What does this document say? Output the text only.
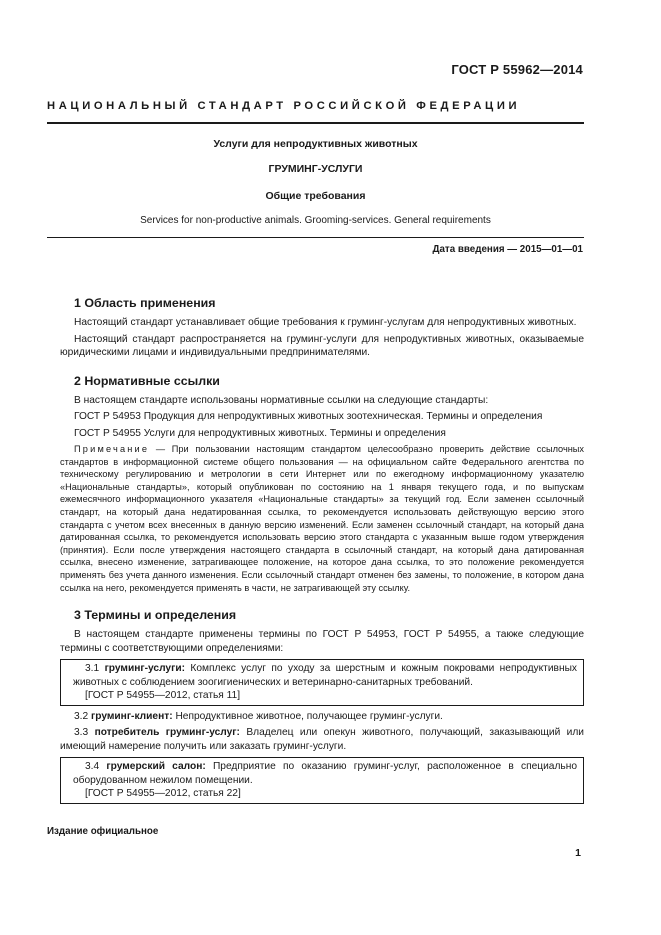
ГОСТ Р 55962—2014
НАЦИОНАЛЬНЫЙ СТАНДАРТ РОССИЙСКОЙ ФЕДЕРАЦИИ
Услуги для непродуктивных животных
ГРУМИНГ-УСЛУГИ
Общие требования
Services for non-productive animals. Grooming-services. General requirements
Дата введения — 2015—01—01
1 Область применения

Настоящий стандарт устанавливает общие требования к груминг-услугам для непродуктивных животных.

Настоящий стандарт распространяется на груминг-услуги для непродуктивных животных, оказываемые юридическими лицами и индивидуальными предпринимателями.

2 Нормативные ссылки

В настоящем стандарте использованы нормативные ссылки на следующие стандарты:

ГОСТ Р 54953 Продукция для непродуктивных животных зоотехническая. Термины и определения

ГОСТ Р 54955 Услуги для непродуктивных животных. Термины и определения

Примечание — При пользовании настоящим стандартом целесообразно проверить действие ссылочных стандартов в информационной системе общего пользования — на официальном сайте Федерального агентства по техническому регулированию и метрологии в сети Интернет или по ежегодному информационному указателю «Национальные стандарты», который опубликован по состоянию на 1 января текущего года, и по выпускам ежемесячного информационного указателя «Национальные стандарты» за текущий год. Если заменен ссылочный стандарт, на который дана недатированная ссылка, то рекомендуется использовать действующую версию этого стандарта с учетом всех внесенных в данную версию изменений. Если заменен ссылочный стандарт, на который дана датированная ссылка, то рекомендуется использовать версию этого стандарта с указанным выше годом утверждения (принятия). Если после утверждения настоящего стандарта в ссылочный стандарт, на который дана датированная ссылка, внесено изменение, затрагивающее положение, на которое дана ссылка, то это положение рекомендуется применять без учета данного изменения. Если ссылочный стандарт отменен без замены, то положение, в котором дана ссылка на него, рекомендуется применять в части, не затрагивающей эту ссылку.

3 Термины и определения

В настоящем стандарте применены термины по ГОСТ Р 54953, ГОСТ Р 54955, а также следующие термины с соответствующими определениями:

3.1 груминг-услуги: Комплекс услуг по уходу за шерстным и кожным покровами непродуктивных животных с соблюдением зоогигиенических и ветеринарно-санитарных требований.

[ГОСТ Р 54955—2012, статья 11]

3.2 груминг-клиент: Непродуктивное животное, получающее груминг-услуги.

3.3 потребитель груминг-услуг: Владелец или опекун животного, получающий, заказывающий или имеющий намерение получить или заказать груминг-услуги.

3.4 грумерский салон: Предприятие по оказанию груминг-услуг, расположенное в специально оборудованном нежилом помещении.

[ГОСТ Р 54955—2012, статья 22]
Издание официальное
1
